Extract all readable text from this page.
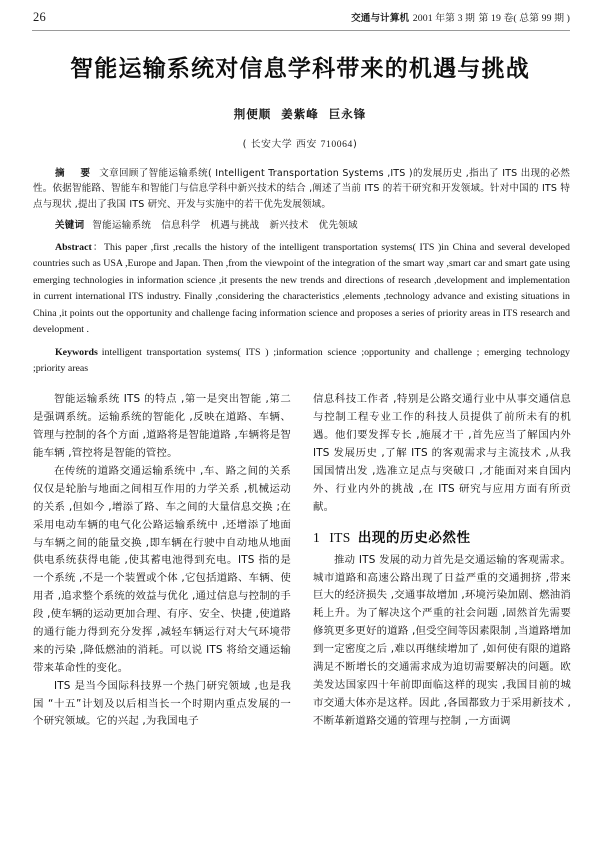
26	交通与计算机 2001 年第 3 期 第 19 卷( 总第 99 期 )
智能运输系统对信息学科带来的机遇与挑战
荆便顺 姜紫峰 巨永锋
( 长安大学 西安 710064)
摘　要 文章回顾了智能运输系统( Intelligent Transportation Systems ,ITS )的发展历史 ,指出了 ITS 出现的必然性。依据智能路、智能车和智能门与信息学科中新兴技术的结合 ,阐述了当前 ITS 的若干研究和开发领域。针对中国的 ITS 特点与现状 ,提出了我国 ITS 研究、开发与实施中的若干优先发展领域。
关键词 智能运输系统 信息科学 机遇与挑战 新兴技术 优先领域
Abstract：This paper ,first ,recalls the history of the intelligent transportation systems( ITS )in China and several developed countries such as USA ,Europe and Japan. Then ,from the viewpoint of the integration of the smart way ,smart car and smart gate using emerging technologies in information science ,it presents the new trends and directions of research ,development and implementation in current international ITS industry. Finally ,considering the characteristics ,elements ,technology advance and existing situations in China ,it points out the opportunity and challenge facing information science and proposes a series of priority areas in ITS research and development .
Keywords intelligent transportation systems( ITS ) ;information science ;opportunity and challenge ; emerging technology ;priority areas

智能运输系统 ITS 的特点 ,第一是突出智能 ,第二是强调系统。运输系统的智能化 ,反映在道路、车辆、管理与控制的各个方面 ,道路将是智能道路 ,车辆将是智能车辆 ,管控将是智能的管控。

在传统的道路交通运输系统中 ,车、路之间的关系仅仅是轮胎与地面之间相互作用的力学关系 ,机械运动的关系 ,但如今 ,增添了路、车之间的大量信息交换 ;在采用电动车辆的电气化公路运输系统中 ,还增添了地面与车辆之间的能量交换 ,即车辆在行驶中自动地从地面供电系统获得电能 ,使其蓄电池得到充电。ITS 指的是一个系统 ,不是一个装置或个体 ,它包括道路、车辆、使用者 ,追求整个系统的效益与优化 ,通过信息与控制的手段 ,使车辆的运动更加合理、有序、安全、快捷 ,使道路的通行能力得到充分发挥 ,减轻车辆运行对大气环境带来的污染 ,降低燃油的消耗。可以说 ITS 将给交通运输带来革命性的变化。

ITS 是当今国际科技界一个热门研究领域 ,也是我国 “十五”计划及以后相当长一个时期内重点发展的一个研究领域。它的兴起 ,为我国电子

信息科技工作者 ,特别是公路交通行业中从事交通信息与控制工程专业工作的科技人员提供了前所未有的机遇。他们要发挥专长 ,施展才干 ,首先应当了解国内外 ITS 发展历史 ,了解 ITS 的客观需求与主流技术 ,从我国国情出发 ,选准立足点与突破口 ,才能面对来自国内外、行业内外的挑战 ,在 ITS 研究与应用方面有所贡献。

1 ITS 出现的历史必然性

推动 ITS 发展的动力首先是交通运输的客观需求。城市道路和高速公路出现了日益严重的交通拥挤 ,带来巨大的经济损失 ,交通事故增加 ,环境污染加剧、燃油消耗上升。为了解决这个严重的社会问题 ,固然首先需要修筑更多更好的道路 ,但受空间等因素限制 ,当道路增加到一定密度之后 ,难以再继续增加了 ,如何使有限的道路满足不断增长的交通需求成为迫切需要解决的问题。欧美发达国家四十年前即面临这样的现实 ,我国目前的城市交通大体亦是这样。因此 ,各国都致力于采用新技术 ,不断革新道路交通的管理与控制 ,一方面调
